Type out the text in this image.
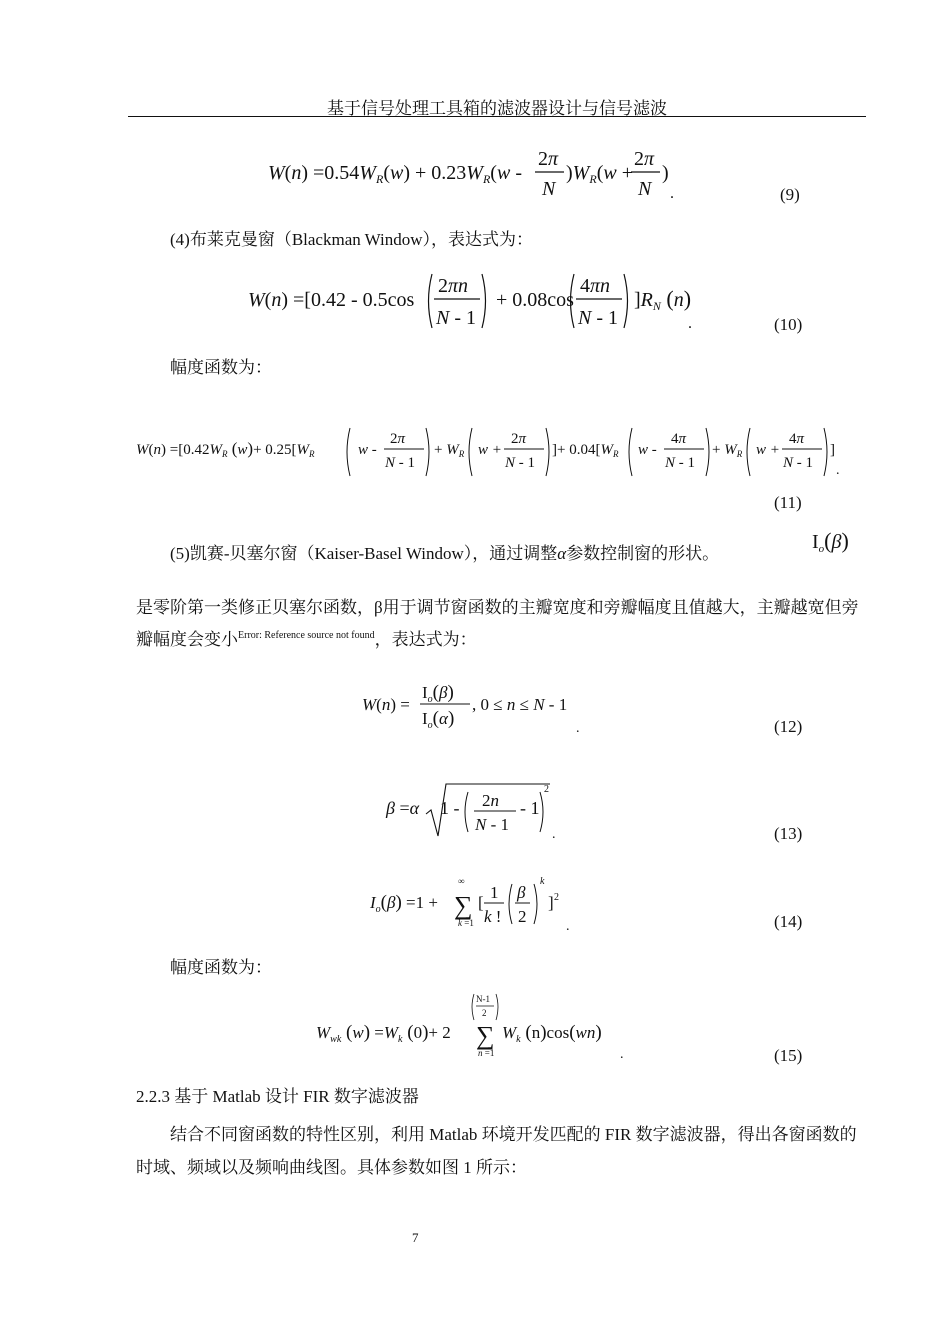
基于信号处理工具箱的滤波器设计与信号滤波
$W(n) =0.54W_R(w) + 0.23W_R(w$ -
2π
N
)$W_R(w$ +
2π
N
)
.	(9)
(4)布莱克曼窗（Blackman Window），表达式为：
W(n) =[0.42 - 0.5cos
2πn
N - 1
+ 0.08cos
4πn
N - 1
]$R_N$ (n)
.	(10)
幅度函数为：
$W(n) =[0.42W_R$ $(w)+ 0.25[W_R$	w -
2π
N - 1
+ $W_R$ w +
2π
N - 1
]+ $0.04[W_R$ w -
4π
N - 1
+ $W_R$ w +
4π
N - 1
]
.
(11)
(5)凯赛-贝塞尔窗（Kaiser-Basel Window），通过调整α参数控制窗的形状。
$I_o(\beta)$
是零阶第一类修正贝塞尔函数，β用于调节窗函数的主瓣宽度和旁瓣幅度且值越大，主瓣越宽但旁瓣幅度会变小$^{Error: Reference source not found}$，表达式为：
W(n) =
$I_o(\beta)$
$I_o(\alpha)$
, 0 ≤ n ≤ N - 1
.	(12)
β =α 1 - 2n
N - 1
- 1
2
.	(13)
$I_o(\beta) =1$ +
∞
∑
k =1
[
1
k !
β
2
k
] 2
.	(14)
幅度函数为：
$W_{wk}$ $(w) =W_k$ (0)+ 2
N-1
2
∑
n =1
$W_k$ (n)cos(wn)
.	(15)
2.2.3 基于 Matlab 设计 FIR 数字滤波器
结合不同窗函数的特性区别，利用 Matlab 环境开发匹配的 FIR 数字滤波器，得出各窗函数的时域、频域以及频响曲线图。具体参数如图 1 所示：
7
